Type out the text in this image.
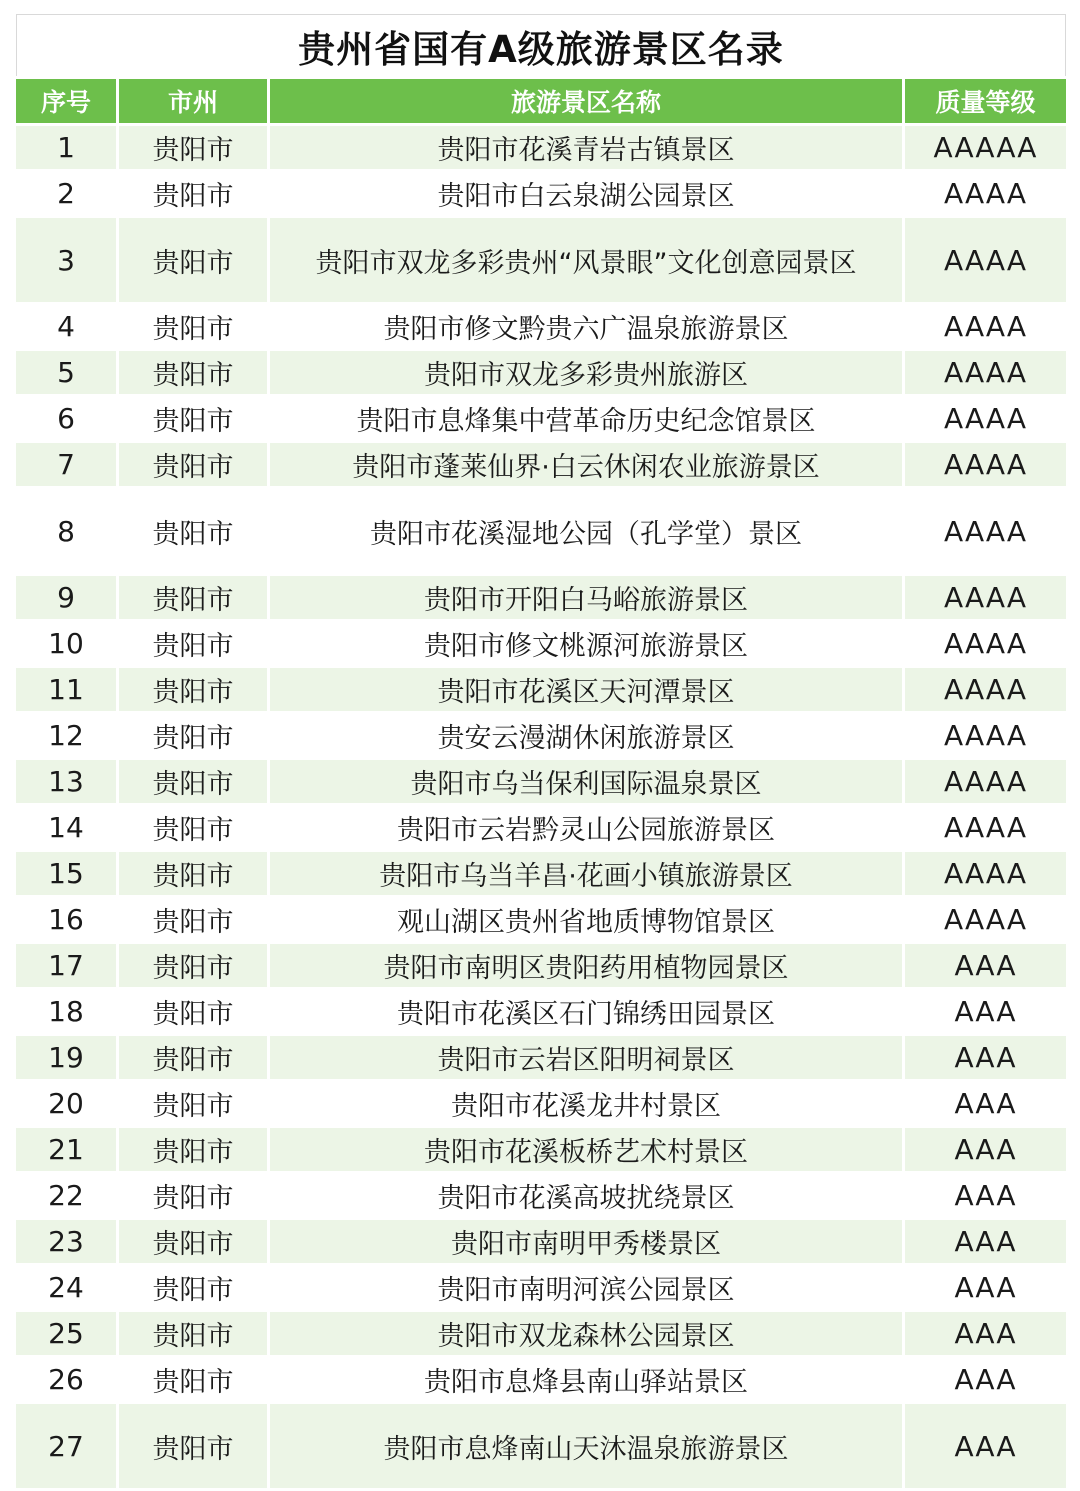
贵州省国有A级旅游景区名录
序号	市州	旅游景区名称	质量等级
1	贵阳市	贵阳市花溪青岩古镇景区	AAAAA
2	贵阳市	贵阳市白云泉湖公园景区	AAAA
3	贵阳市	贵阳市双龙多彩贵州“风景眼”文化创意园景区	AAAA
4	贵阳市	贵阳市修文黔贵六广温泉旅游景区	AAAA
5	贵阳市	贵阳市双龙多彩贵州旅游区	AAAA
6	贵阳市	贵阳市息烽集中营革命历史纪念馆景区	AAAA
7	贵阳市	贵阳市蓬莱仙界·白云休闲农业旅游景区	AAAA
8	贵阳市	贵阳市花溪湿地公园（孔学堂）景区	AAAA
9	贵阳市	贵阳市开阳白马峪旅游景区	AAAA
10	贵阳市	贵阳市修文桃源河旅游景区	AAAA
11	贵阳市	贵阳市花溪区天河潭景区	AAAA
12	贵阳市	贵安云漫湖休闲旅游景区	AAAA
13	贵阳市	贵阳市乌当保利国际温泉景区	AAAA
14	贵阳市	贵阳市云岩黔灵山公园旅游景区	AAAA
15	贵阳市	贵阳市乌当羊昌·花画小镇旅游景区	AAAA
16	贵阳市	观山湖区贵州省地质博物馆景区	AAAA
17	贵阳市	贵阳市南明区贵阳药用植物园景区	AAA
18	贵阳市	贵阳市花溪区石门锦绣田园景区	AAA
19	贵阳市	贵阳市云岩区阳明祠景区	AAA
20	贵阳市	贵阳市花溪龙井村景区	AAA
21	贵阳市	贵阳市花溪板桥艺术村景区	AAA
22	贵阳市	贵阳市花溪高坡扰绕景区	AAA
23	贵阳市	贵阳市南明甲秀楼景区	AAA
24	贵阳市	贵阳市南明河滨公园景区	AAA
25	贵阳市	贵阳市双龙森林公园景区	AAA
26	贵阳市	贵阳市息烽县南山驿站景区	AAA
27	贵阳市	贵阳市息烽南山天沐温泉旅游景区	AAA
